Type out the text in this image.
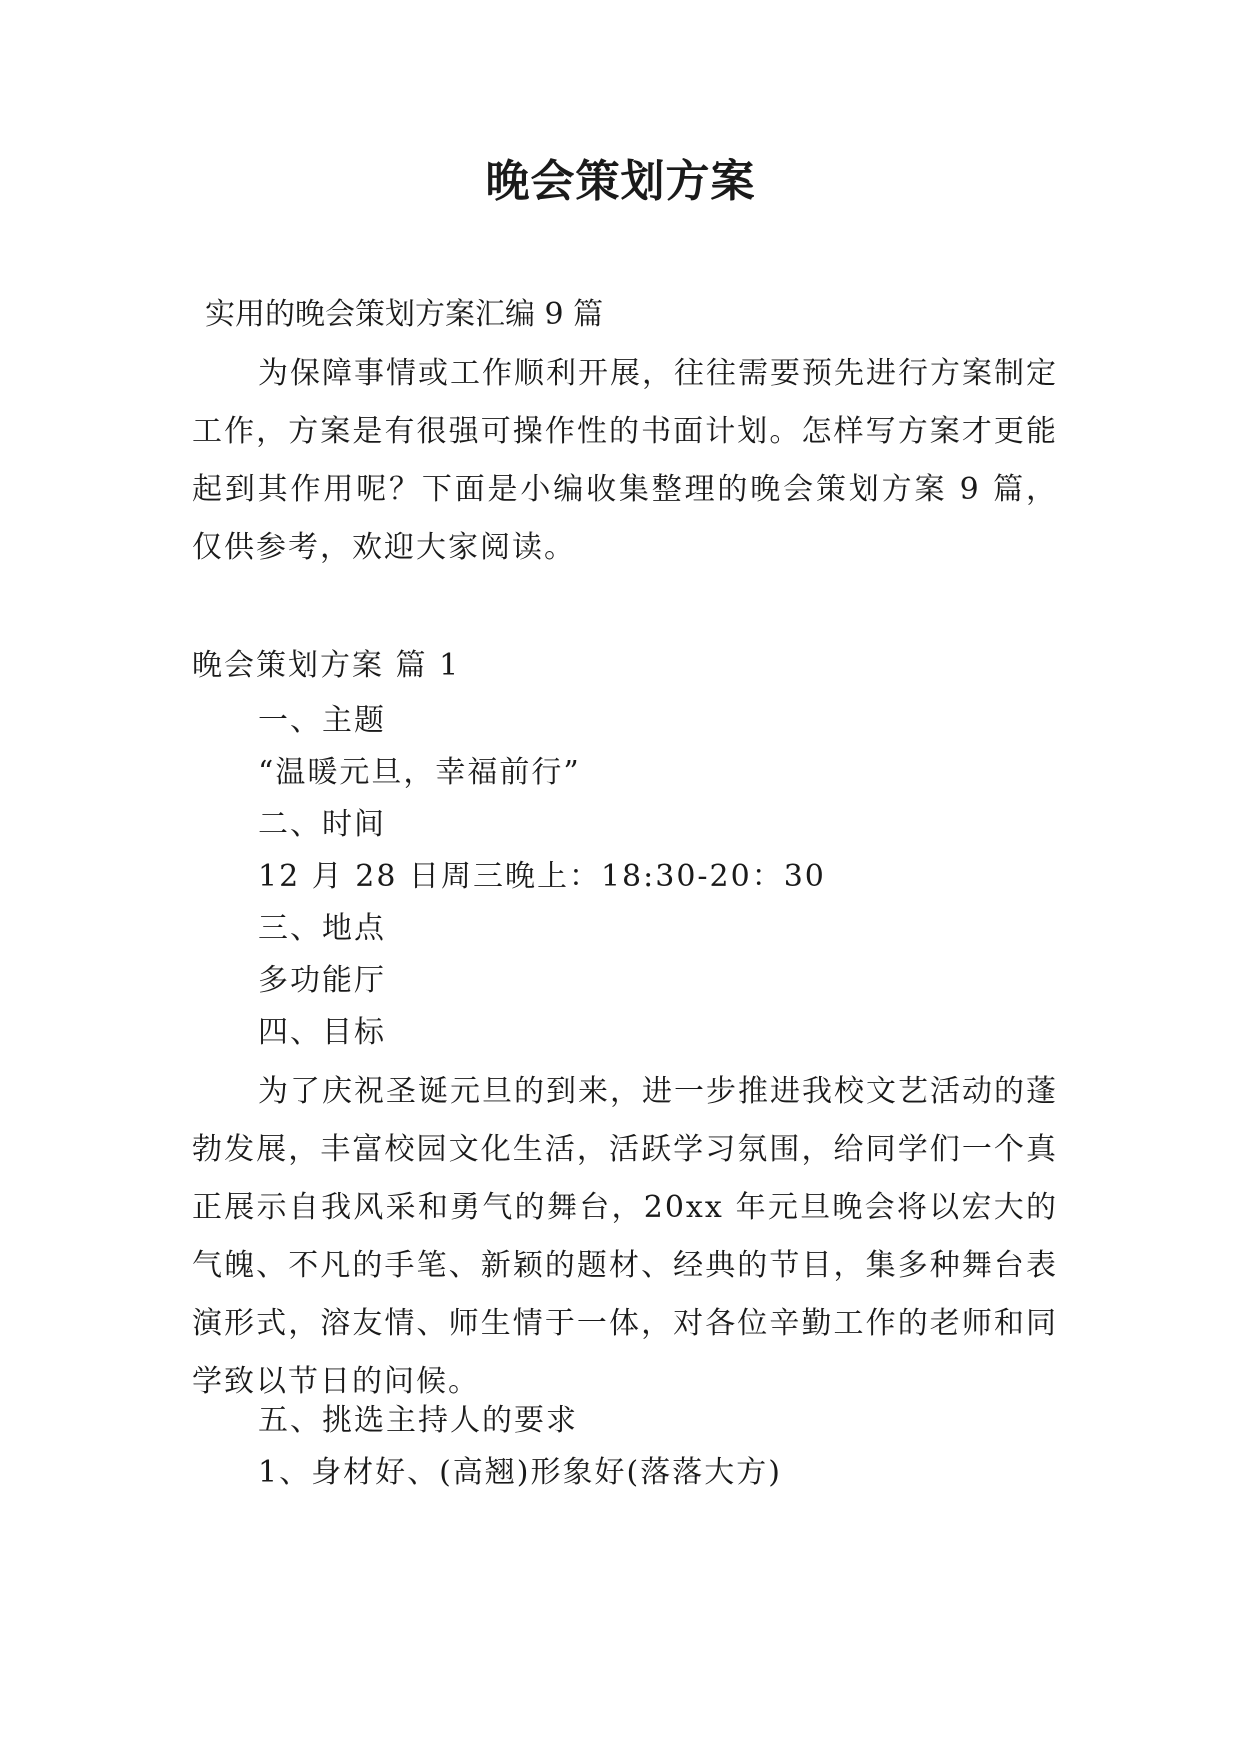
晚会策划方案
实用的晚会策划方案汇编 9 篇
为保障事情或工作顺利开展，往往需要预先进行方案制定工作，方案是有很强可操作性的书面计划。怎样写方案才更能起到其作用呢？下面是小编收集整理的晚会策划方案 9 篇，仅供参考，欢迎大家阅读。
晚会策划方案 篇 1
一、主题
“温暖元旦，幸福前行”
二、时间
12 月 28 日周三晚上：18:30-20：30
三、地点
多功能厅
四、目标
为了庆祝圣诞元旦的到来，进一步推进我校文艺活动的蓬勃发展，丰富校园文化生活，活跃学习氛围，给同学们一个真正展示自我风采和勇气的舞台，20xx 年元旦晚会将以宏大的气魄、不凡的手笔、新颖的题材、经典的节目，集多种舞台表演形式，溶友情、师生情于一体，对各位辛勤工作的老师和同学致以节日的问候。
五、挑选主持人的要求
1、身材好、(高翘)形象好(落落大方)
